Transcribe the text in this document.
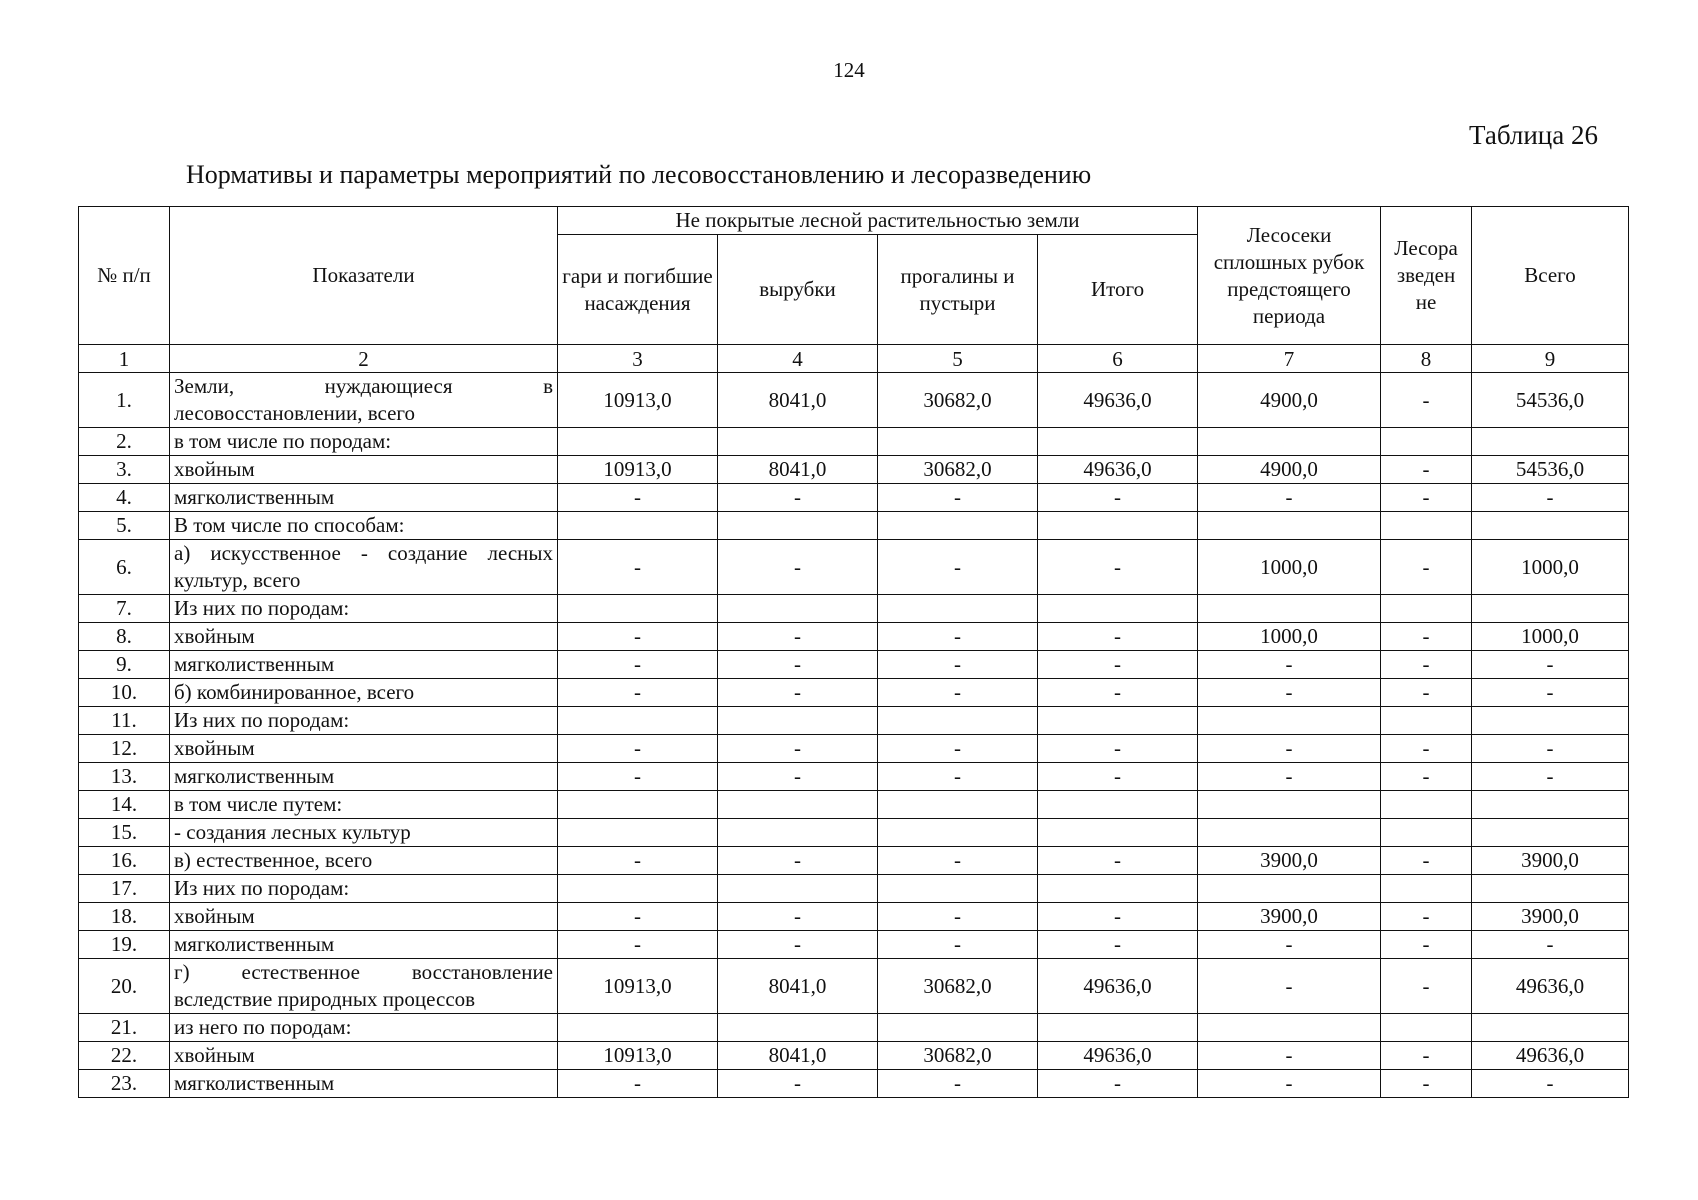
124
Таблица 26
Нормативы и параметры мероприятий по лесовосстановлению и лесоразведению
№ п/п	Показатели	Не покрытые лесной растительностью земли				Лесосеки сплошных рубок предстоящего периода	Лесора зведен не	Всего
		гари и погибшие насаждения	вырубки	прогалины и пустыри	Итого			
1	2	3	4	5	6	7	8	9
1.	Земли, нуждающиеся в лесовосстановлении, всего	10913,0	8041,0	30682,0	49636,0	4900,0	-	54536,0
2.	в том числе по породам:							
3.	хвойным	10913,0	8041,0	30682,0	49636,0	4900,0	-	54536,0
4.	мягколиственным	-	-	-	-	-	-	-
5.	В том числе по способам:							
6.	а) искусственное - создание лесных культур, всего	-	-	-	-	1000,0	-	1000,0
7.	Из них по породам:							
8.	хвойным	-	-	-	-	1000,0	-	1000,0
9.	мягколиственным	-	-	-	-	-	-	-
10.	б) комбинированное, всего	-	-	-	-	-	-	-
11.	Из них по породам:							
12.	хвойным	-	-	-	-	-	-	-
13.	мягколиственным	-	-	-	-	-	-	-
14.	в том числе путем:							
15.	- создания лесных культур							
16.	в) естественное, всего	-	-	-	-	3900,0	-	3900,0
17.	Из них по породам:							
18.	хвойным	-	-	-	-	3900,0	-	3900,0
19.	мягколиственным	-	-	-	-	-	-	-
20.	г) естественное восстановление вследствие природных процессов	10913,0	8041,0	30682,0	49636,0	-	-	49636,0
21.	из него по породам:							
22.	хвойным	10913,0	8041,0	30682,0	49636,0	-	-	49636,0
23.	мягколиственным	-	-	-	-	-	-	-
